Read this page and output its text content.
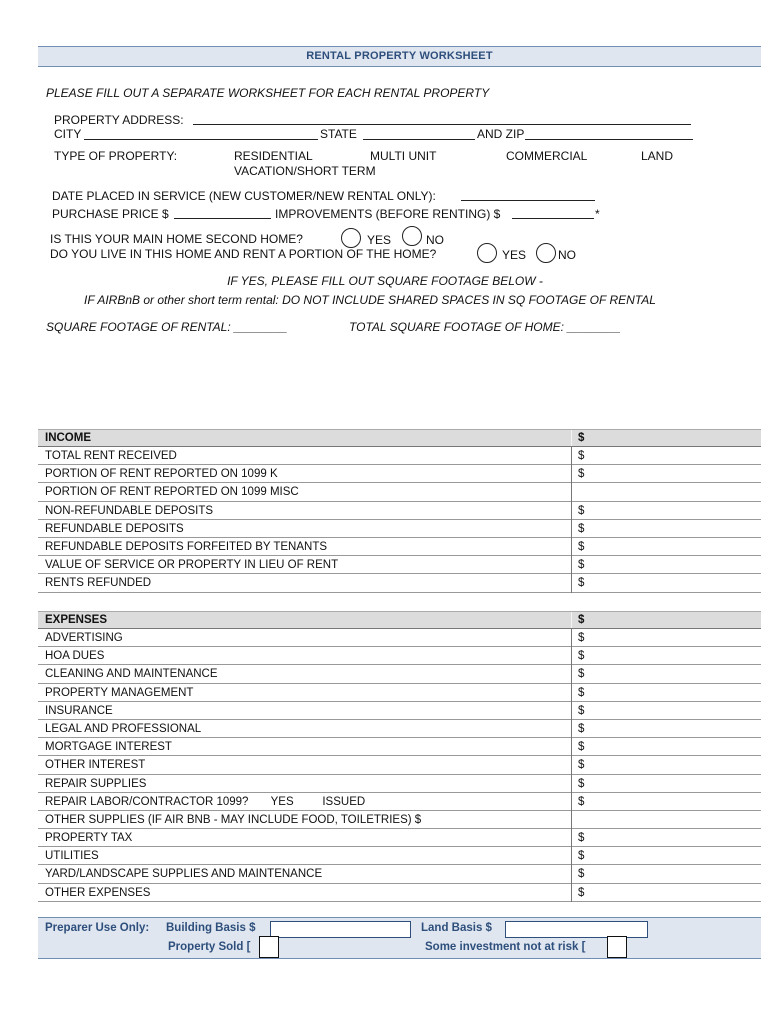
RENTAL PROPERTY WORKSHEET
PLEASE FILL OUT A SEPARATE WORKSHEET FOR EACH RENTAL PROPERTY
PROPERTY ADDRESS:
CITY	STATE	AND ZIP
TYPE OF PROPERTY:	RESIDENTIAL	MULTI UNIT	COMMERCIAL	LAND
VACATION/SHORT TERM
DATE PLACED IN SERVICE (NEW CUSTOMER/NEW RENTAL ONLY):
PURCHASE PRICE $	IMPROVEMENTS (BEFORE RENTING) $	*
IS THIS YOUR MAIN HOME SECOND HOME?	YES	NO
DO YOU LIVE IN THIS HOME AND RENT A PORTION OF THE HOME?	YES	NO
IF YES, PLEASE FILL OUT SQUARE FOOTAGE BELOW -
IF AIRBnB or other short term rental: DO NOT INCLUDE SHARED SPACES IN SQ FOOTAGE OF RENTAL
SQUARE FOOTAGE OF RENTAL: ________	TOTAL SQUARE FOOTAGE OF HOME: ________
INCOME	$
TOTAL RENT RECEIVED	$
PORTION OF RENT REPORTED ON 1099 K	$
PORTION OF RENT REPORTED ON 1099 MISC
NON-REFUNDABLE DEPOSITS	$
REFUNDABLE DEPOSITS	$
REFUNDABLE DEPOSITS FORFEITED BY TENANTS	$
VALUE OF SERVICE OR PROPERTY IN LIEU OF RENT	$
RENTS REFUNDED	$
EXPENSES	$
ADVERTISING	$
HOA DUES	$
CLEANING AND MAINTENANCE	$
PROPERTY MANAGEMENT	$
INSURANCE	$
LEGAL AND PROFESSIONAL	$
MORTGAGE INTEREST	$
OTHER INTEREST	$
REPAIR SUPPLIES	$
REPAIR LABOR/CONTRACTOR 1099?       YES         ISSUED	$
OTHER SUPPLIES (IF AIR BNB - MAY INCLUDE FOOD, TOILETRIES) $
PROPERTY TAX	$
UTILITIES	$
YARD/LANDSCAPE SUPPLIES AND MAINTENANCE	$
OTHER EXPENSES	$
Preparer Use Only: Building Basis $	Land Basis $
Property Sold [	Some investment not at risk [
